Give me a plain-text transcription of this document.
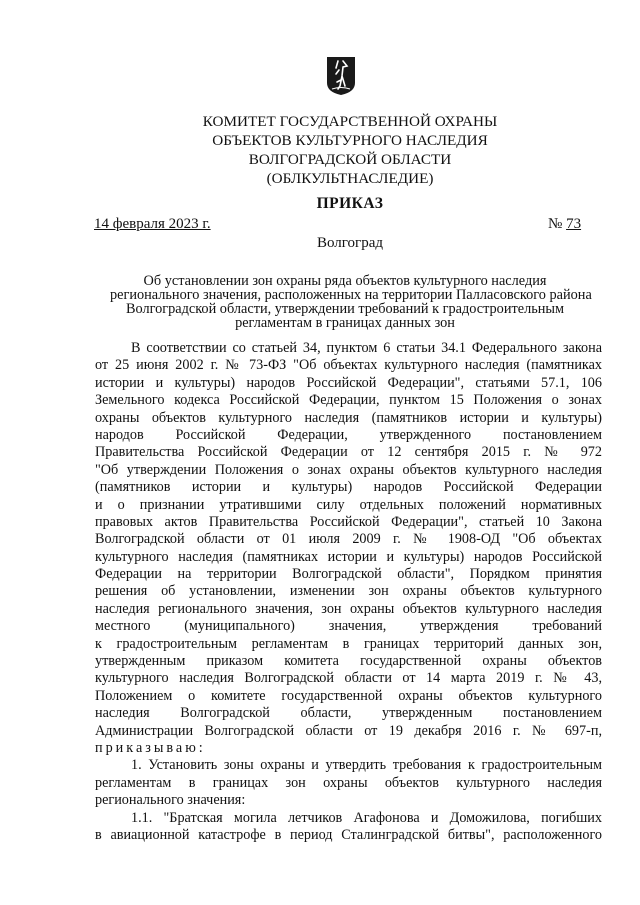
КОМИТЕТ ГОСУДАРСТВЕННОЙ ОХРАНЫ
ОБЪЕКТОВ КУЛЬТУРНОГО НАСЛЕДИЯ
ВОЛГОГРАДСКОЙ ОБЛАСТИ
(ОБЛКУЛЬТНАСЛЕДИЕ)
ПРИКАЗ
14 февраля 2023 г.	№ 73
Волгоград
Об установлении зон охраны ряда объектов культурного наследия
регионального значения, расположенных на территории Палласовского района
Волгоградской области, утверждении требований к градостроительным
регламентам в границах данных зон
В соответствии со статьей 34, пунктом 6 статьи 34.1 Федерального закона
от 25 июня 2002 г. № 73-ФЗ "Об объектах культурного наследия (памятниках
истории и культуры) народов Российской Федерации", статьями 57.1, 106
Земельного кодекса Российской Федерации, пунктом 15 Положения о зонах
охраны объектов культурного наследия (памятников истории и культуры)
народов Российской Федерации, утвержденного постановлением
Правительства Российской Федерации от 12 сентября 2015 г. № 972
"Об утверждении Положения о зонах охраны объектов культурного наследия
(памятников истории и культуры) народов Российской Федерации
и о признании утратившими силу отдельных положений нормативных
правовых актов Правительства Российской Федерации", статьей 10 Закона
Волгоградской области от 01 июля 2009 г. № 1908-ОД "Об объектах
культурного наследия (памятниках истории и культуры) народов Российской
Федерации на территории Волгоградской области", Порядком принятия
решения об установлении, изменении зон охраны объектов культурного
наследия регионального значения, зон охраны объектов культурного наследия
местного (муниципального) значения, утверждения требований
к градостроительным регламентам в границах территорий данных зон,
утвержденным приказом комитета государственной охраны объектов
культурного наследия Волгоградской области от 14 марта 2019 г. № 43,
Положением о комитете государственной охраны объектов культурного
наследия Волгоградской области, утвержденным постановлением
Администрации Волгоградской области от 19 декабря 2016 г. № 697-п,
приказываю:
1. Установить зоны охраны и утвердить требования к градостроительным
регламентам в границах зон охраны объектов культурного наследия
регионального значения:
1.1. "Братская могила летчиков Агафонова и Доможилова, погибших
в авиационной катастрофе в период Сталинградской битвы", расположенного
